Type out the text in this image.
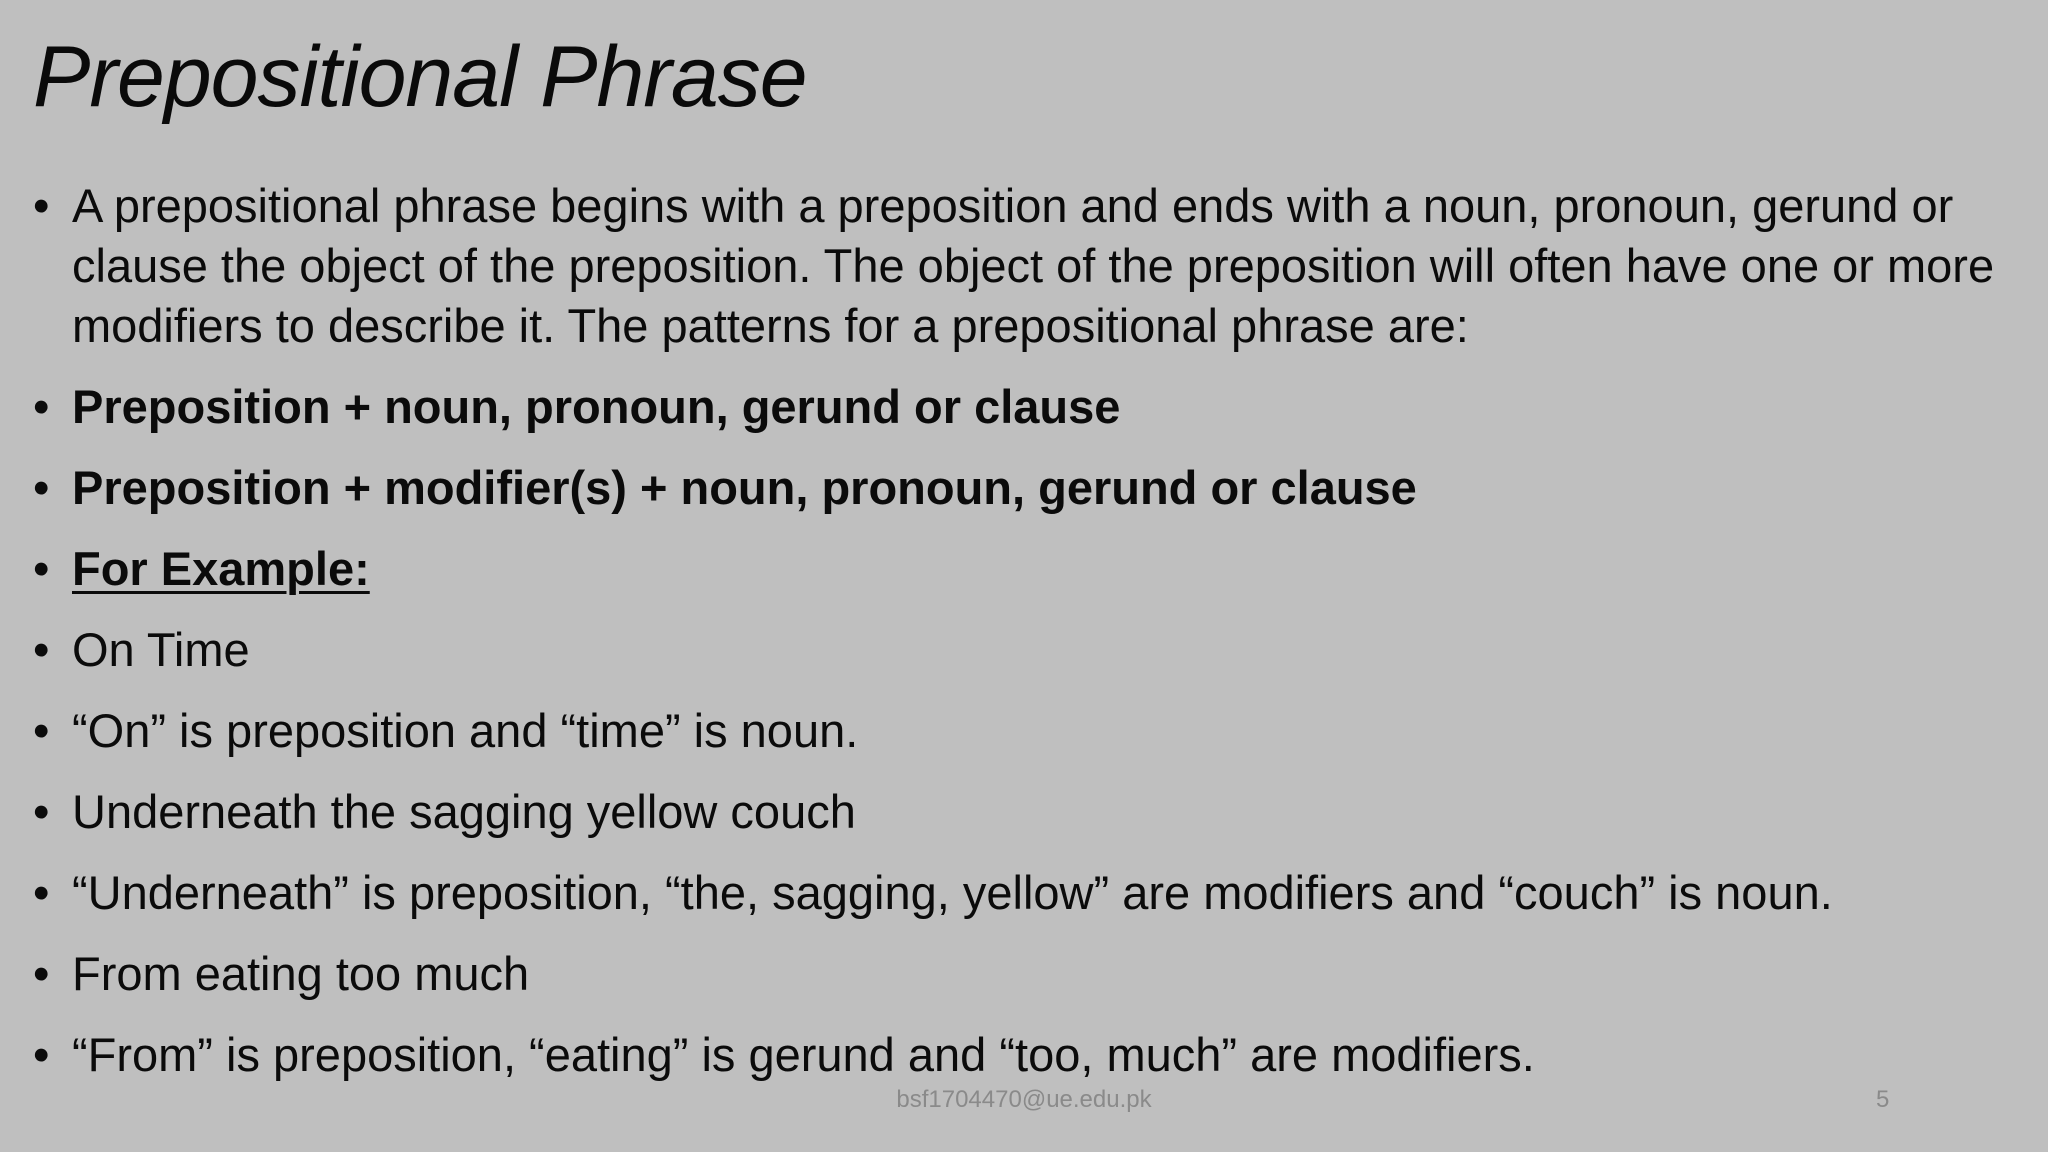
Prepositional Phrase
• A prepositional phrase begins with a preposition and ends with a noun, pronoun, gerund or clause the object of the preposition. The object of the preposition will often have one or more modifiers to describe it. The patterns for a prepositional phrase are:
• Preposition + noun, pronoun, gerund or clause
• Preposition + modifier(s) + noun, pronoun, gerund or clause
• For Example:
• On Time
• “On” is preposition and “time” is noun.
• Underneath the sagging yellow couch
• “Underneath” is preposition, “the, sagging, yellow” are modifiers and “couch” is noun.
• From eating too much
• “From” is preposition, “eating” is gerund and “too, much” are modifiers.
bsf1704470@ue.edu.pk	5
